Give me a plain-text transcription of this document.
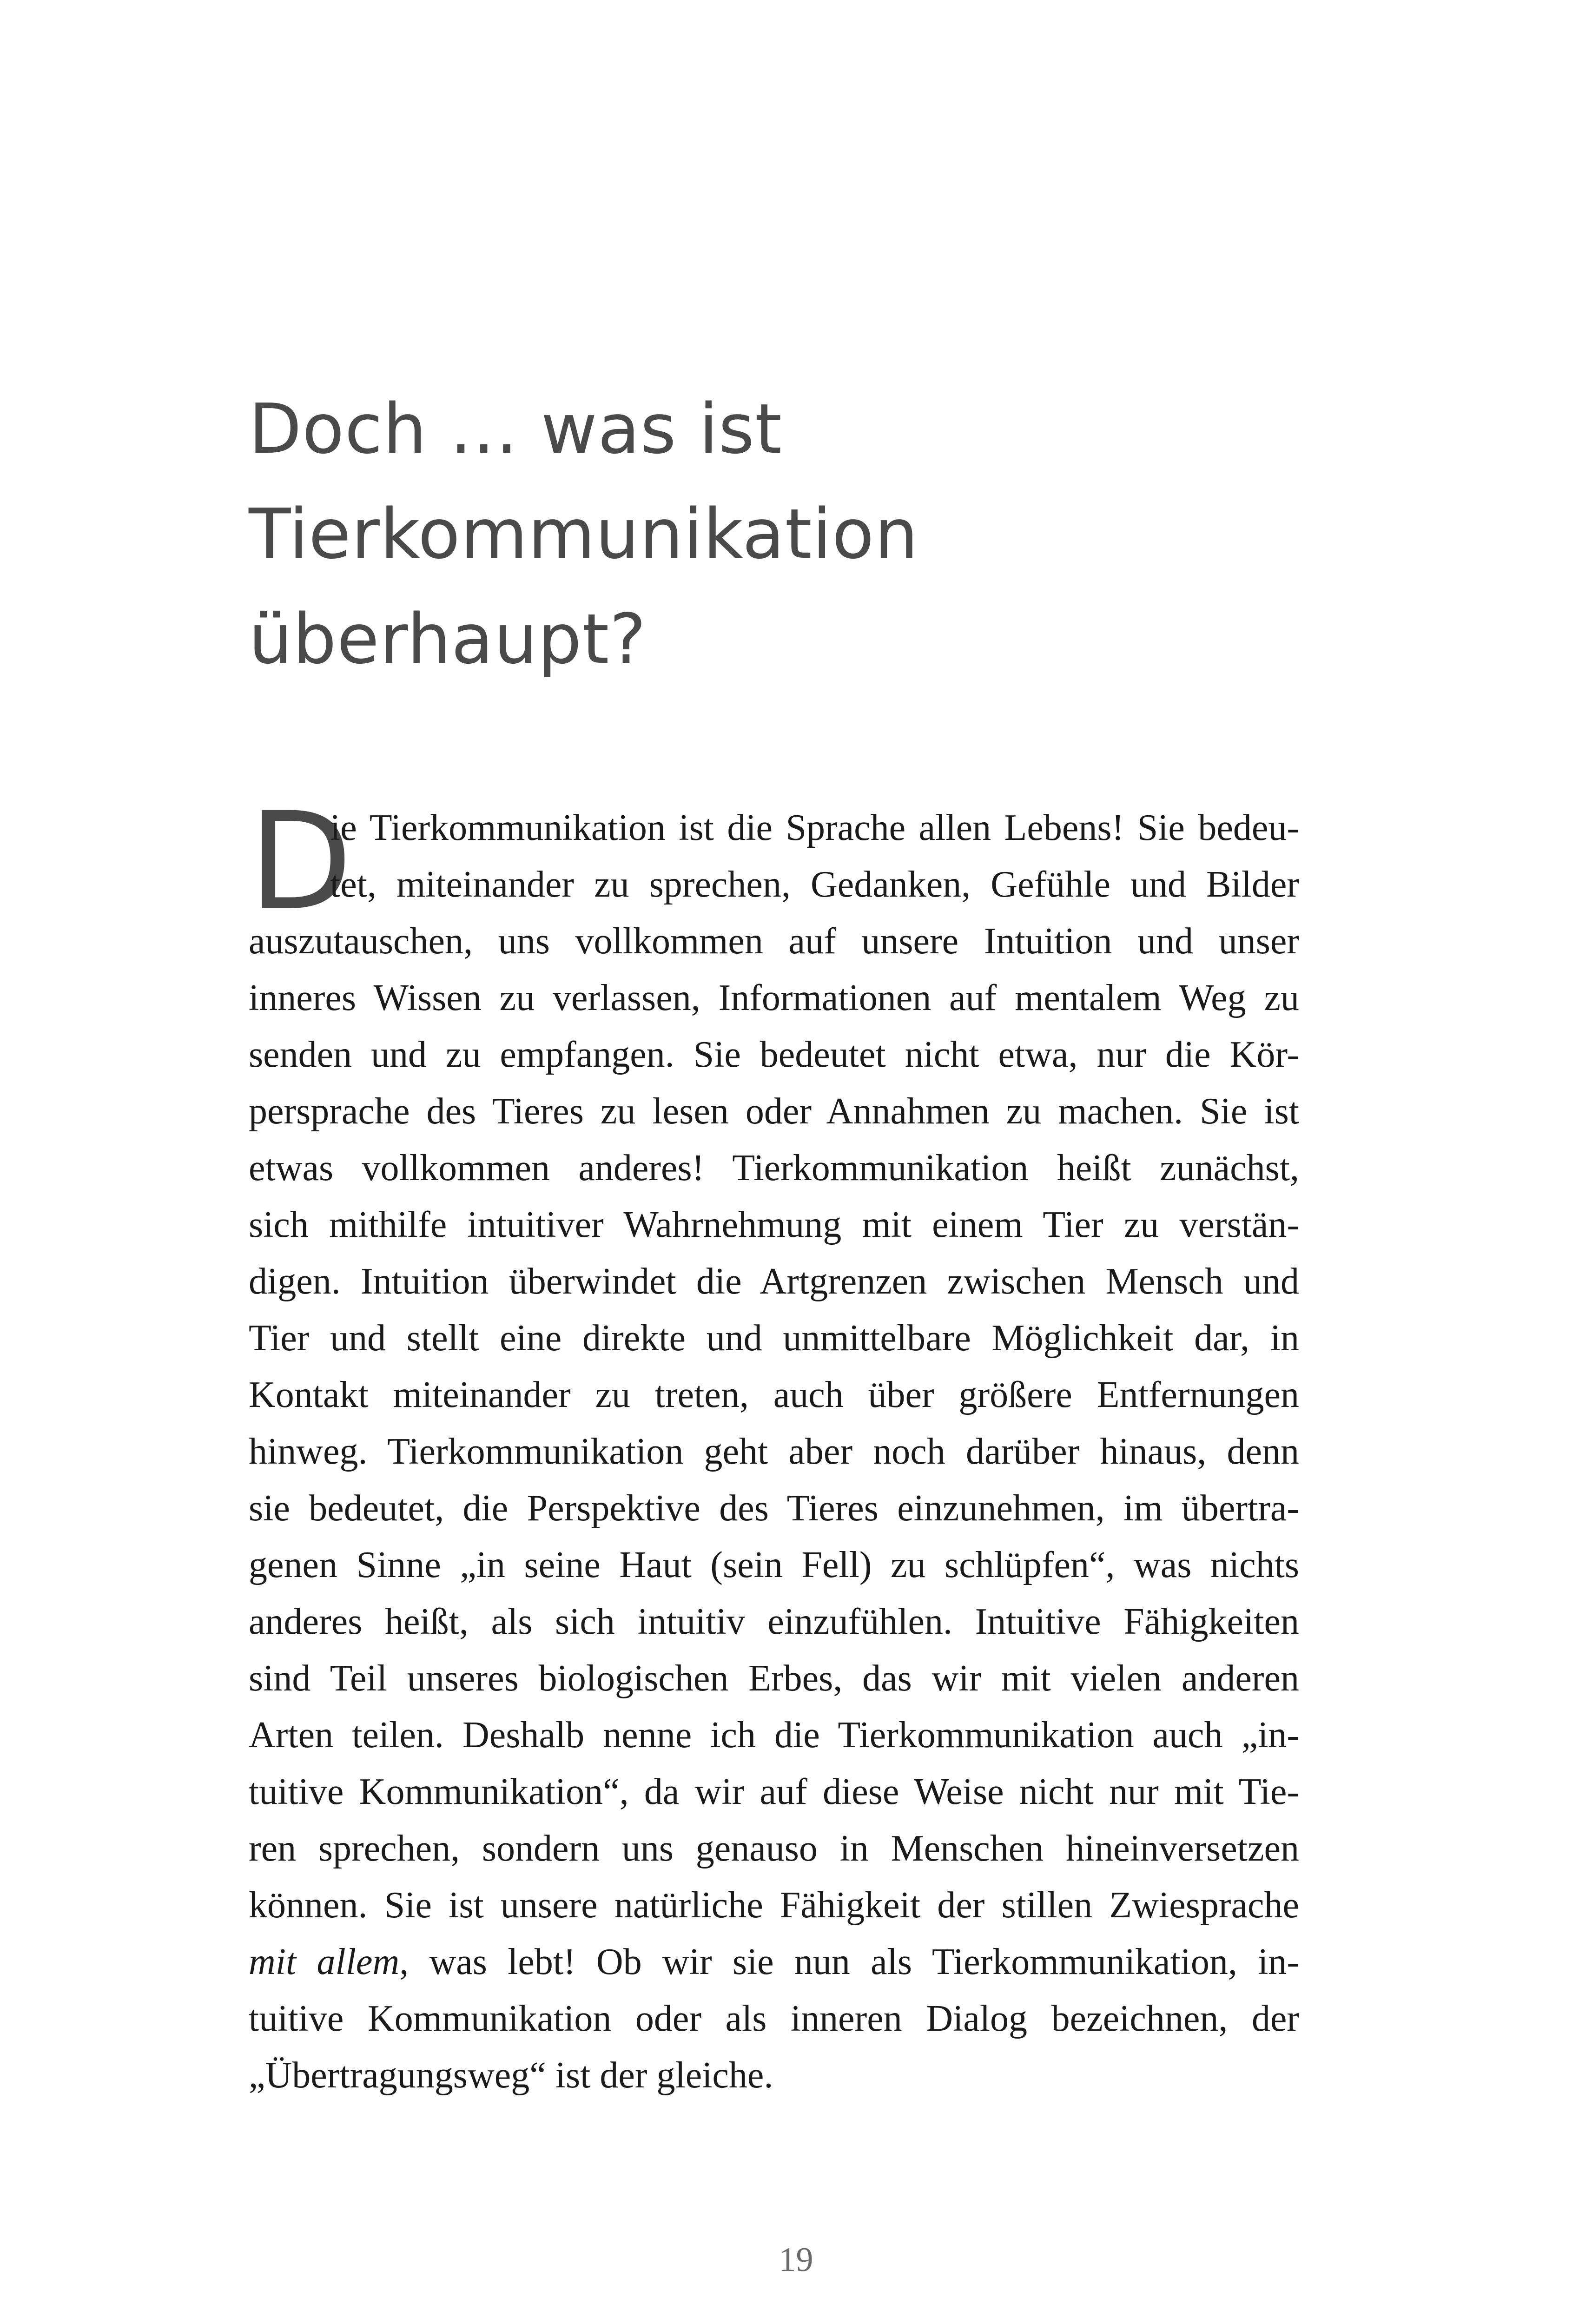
Doch … was ist
Tierkommunikation
überhaupt?
D
ie Tierkommunikation ist die Sprache allen Lebens! Sie bedeu-
tet, miteinander zu sprechen, Gedanken, Gefühle und Bilder
auszutauschen, uns vollkommen auf unsere Intuition und unser
inneres Wissen zu verlassen, Informationen auf mentalem Weg zu
senden und zu empfangen. Sie bedeutet nicht etwa, nur die Kör-
persprache des Tieres zu lesen oder Annahmen zu machen. Sie ist
etwas vollkommen anderes! Tierkommunikation heißt zunächst,
sich mithilfe intuitiver Wahrnehmung mit einem Tier zu verstän-
digen. Intuition überwindet die Artgrenzen zwischen Mensch und
Tier und stellt eine direkte und unmittelbare Möglichkeit dar, in
Kontakt miteinander zu treten, auch über größere Entfernungen
hinweg. Tierkommunikation geht aber noch darüber hinaus, denn
sie bedeutet, die Perspektive des Tieres einzunehmen, im übertra-
genen Sinne „in seine Haut (sein Fell) zu schlüpfen“, was nichts
anderes heißt, als sich intuitiv einzufühlen. Intuitive Fähigkeiten
sind Teil unseres biologischen Erbes, das wir mit vielen anderen
Arten teilen. Deshalb nenne ich die Tierkommunikation auch „in-
tuitive Kommunikation“, da wir auf diese Weise nicht nur mit Tie-
ren sprechen, sondern uns genauso in Menschen hineinversetzen
können. Sie ist unsere natürliche Fähigkeit der stillen Zwiesprache
mit allem, was lebt! Ob wir sie nun als Tierkommunikation, in-
tuitive Kommunikation oder als inneren Dialog bezeichnen, der
„Übertragungsweg“ ist der gleiche.
19
